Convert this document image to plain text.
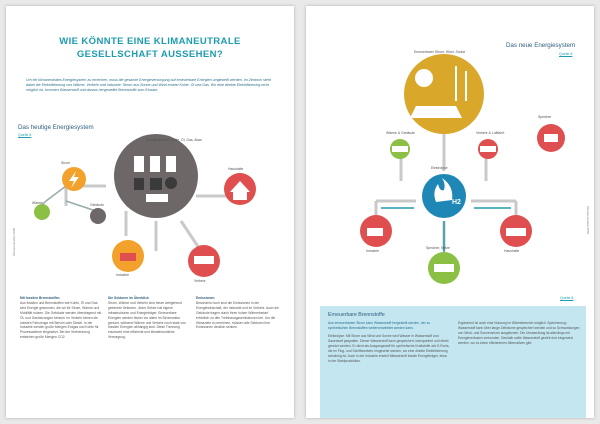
WIE KÖNNTE EINE KLIMANEUTRALE
GESELLSCHAFT AUSSEHEN?
Um ein klimaneutrales Energiesystem zu erreichen, muss die gesamte Energieversorgung auf erneuerbare Energien umgestellt werden. Im Zentrum steht dabei die Elektrifizierung von Wärme, Verkehr und Industrie: Strom aus Sonne und Wind ersetzt Kohle, Öl und Gas. Wo eine direkte Elektrifizierung nicht möglich ist, kommen Wasserstoff und daraus hergestellte Brennstoffe zum Einsatz.
Das heutige Energiesystem
Quelle 8
Klimaneutralität 2050
Energiequellen: Kohle, Öl, Gas, Atom
Strom
Wärme
Industrie
Verkehr
Gebäude
Haushalte
Mit fossilen Brennstoffen
Aus fossilen und Brennstoffen wie Kohle, Öl und Gas wird Energie gewonnen, die wir für Strom, Wärme und Mobilität nutzen. Die Gebäude werden überwiegend mit Öl- und Gasheizungen beheizt. Im Verkehr fahren die meisten Fahrzeuge mit Benzin oder Diesel. In der Industrie werden große Mengen Erdgas und Kohle für Prozesswärme eingesetzt. Bei der Verbrennung entstehen große Mengen CO2.
Die Sektoren im Überblick
Strom, Wärme und Verkehr sind heute weitgehend getrennte Sektoren. Jeder Sektor hat eigene Infrastrukturen und Energieträger. Erneuerbare Energien werden bisher vor allem im Stromsektor genutzt, während Wärme und Verkehr noch stark von fossilen Energien abhängig sind. Diese Trennung erschwert eine effiziente und klimafreundliche Versorgung.
Emissionen
Besonders hoch sind die Emissionen in der Energiewirtschaft, der Industrie und im Verkehr. Auch die Gebäude tragen durch ihren hohen Wärmebedarf erheblich zu den Treibhausgasemissionen bei. Um die Klimaziele zu erreichen, müssen alle Sektoren ihre Emissionen deutlich senken.
Das neue Energiesystem
Quelle 8
Klimaneutralität 2050
H2
Erneuerbarer Strom: Wind, Sonne
Wärme & Gebäude	Verkehr & Luftfahrt
Elektrolyse
Industrie	Haushalte
Speicher, Netze
Speicher
Quelle 8
Erneuerbare Brennstoffe
Aus erneuerbarem Strom kann Wasserstoff hergestellt werden, der zu synthetischen Brennstoffen weiterverarbeitet werden kann.
Elektrolyse: Mit Strom aus Wind und Sonne wird Wasser in Wasserstoff und Sauerstoff gespalten. Dieser Wasserstoff kann gespeichert, transportiert und direkt genutzt werden. Er dient als Ausgangsstoff für synthetische Kraftstoffe wie E-Fuels, die im Flug- und Schiffsverkehr eingesetzt werden, wo eine direkte Elektrifizierung schwierig ist. Auch in der Industrie ersetzt Wasserstoff fossile Energieträger, etwa in der Stahlproduktion.
Ergänzend ist auch eine Nutzung im Wärmebereich möglich. Speicherung: Wasserstoff kann über lange Zeiträume gespeichert werden und so Schwankungen von Wind- und Sonnenstrom ausgleichen. Die Umwandlung ist allerdings mit Energieverlusten verbunden. Deshalb sollte Wasserstoff gezielt dort eingesetzt werden, wo es keine effizienteren Alternativen gibt.
